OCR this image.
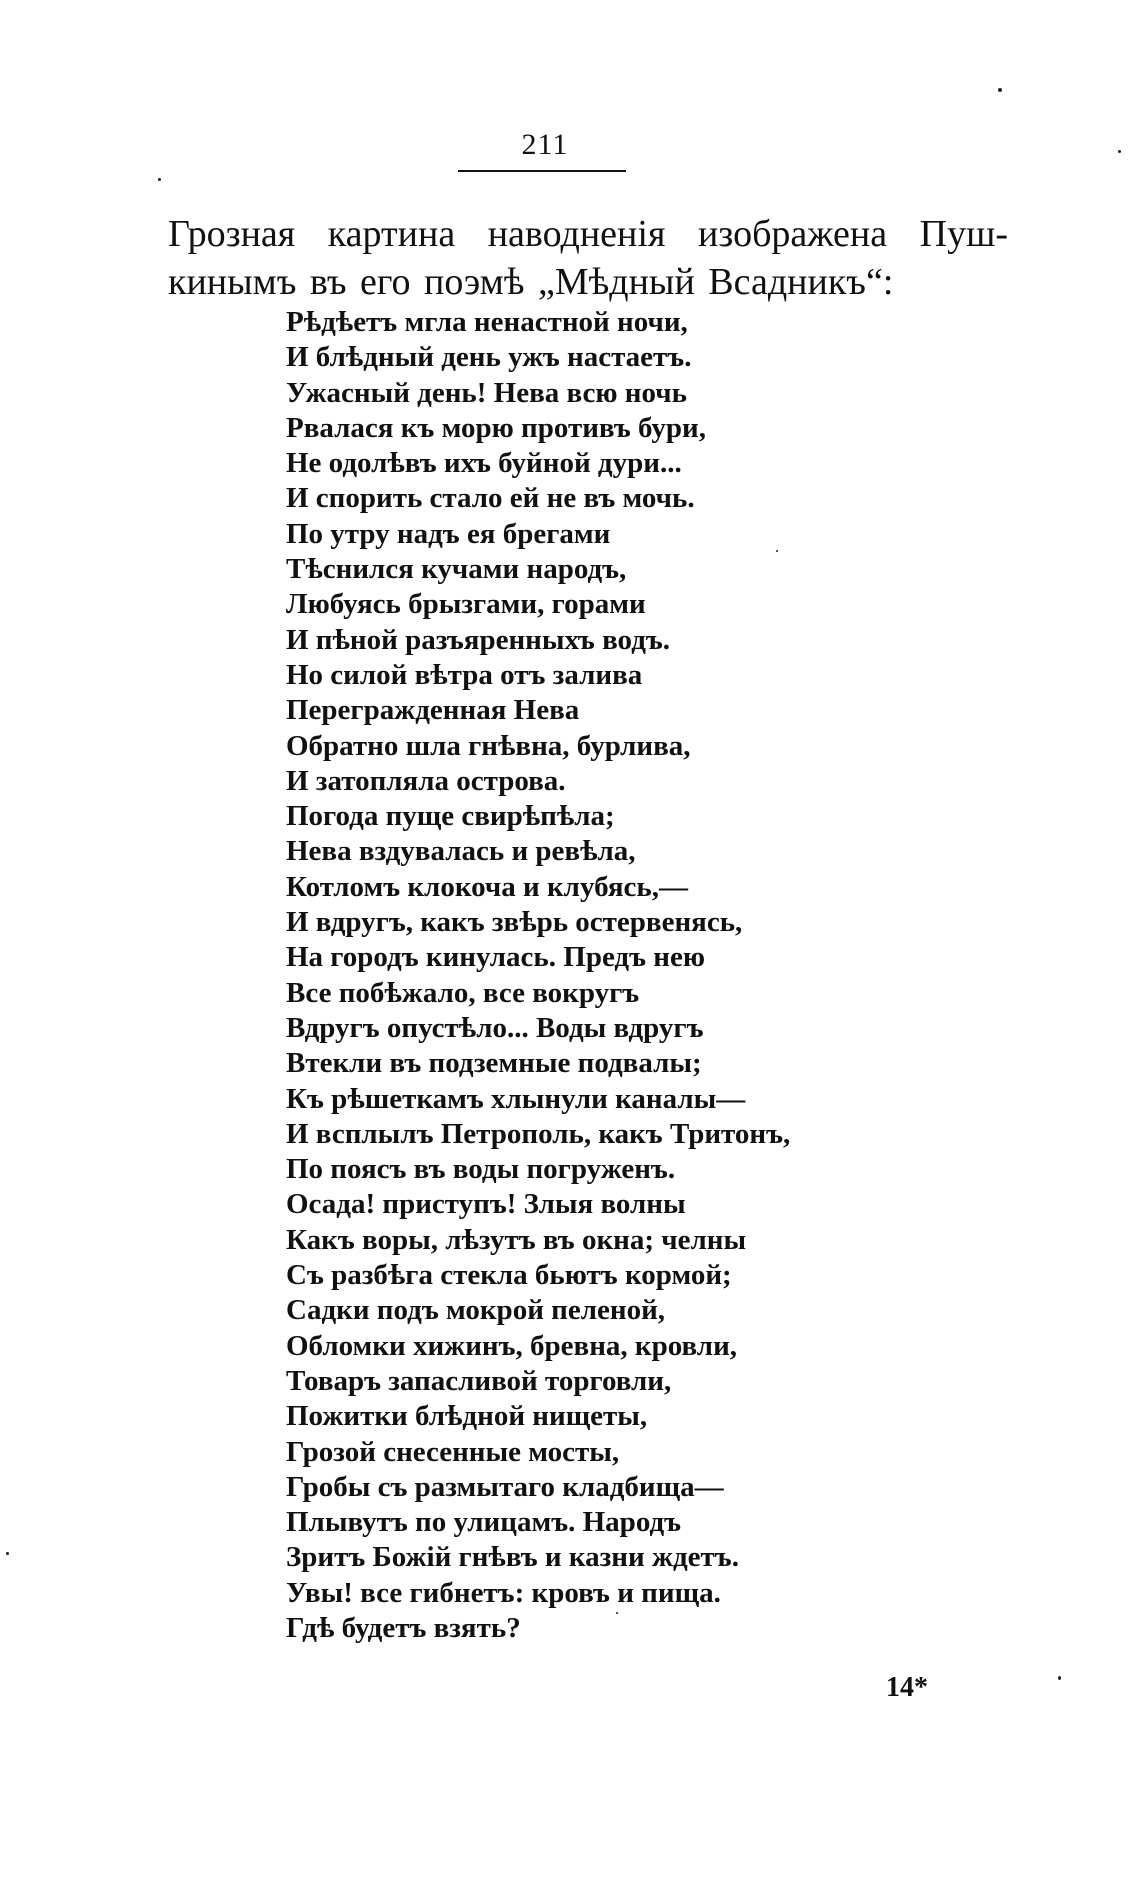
211
Грозная картина наводненія изображена Пуш-
кинымъ въ его поэмѣ „Мѣдный Всадникъ“:
Рѣдѣетъ мгла ненастной ночи,
И блѣдный день ужъ настаетъ.
Ужасный день! Нева всю ночь
Рвалася къ морю противъ бури,
Не одолѣвъ ихъ буйной дури...
И спорить стало ей не въ мочь.
По утру надъ ея брегами
Тѣснился кучами народъ,
Любуясь брызгами, горами
И пѣной разъяренныхъ водъ.
Но силой вѣтра отъ залива
Перегражденная Нева
Обратно шла гнѣвна, бурлива,
И затопляла острова.
Погода пуще свирѣпѣла;
Нева вздувалась и ревѣла,
Котломъ клокоча и клубясь,—
И вдругъ, какъ звѣрь остервенясь,
На городъ кинулась. Предъ нею
Все побѣжало, все вокругъ
Вдругъ опустѣло... Воды вдругъ
Втекли въ подземные подвалы;
Къ рѣшеткамъ хлынули каналы—
И всплылъ Петрополь, какъ Тритонъ,
По поясъ въ воды погруженъ.
Осада! приступъ! Злыя волны
Какъ воры, лѣзутъ въ окна; челны
Съ разбѣга стекла бьютъ кормой;
Садки подъ мокрой пеленой,
Обломки хижинъ, бревна, кровли,
Товаръ запасливой торговли,
Пожитки блѣдной нищеты,
Грозой снесенные мосты,
Гробы съ размытаго кладбища—
Плывутъ по улицамъ. Народъ
Зритъ Божій гнѣвъ и казни ждетъ.
Увы! все гибнетъ: кровъ и пища.
Гдѣ будетъ взять?
14*
